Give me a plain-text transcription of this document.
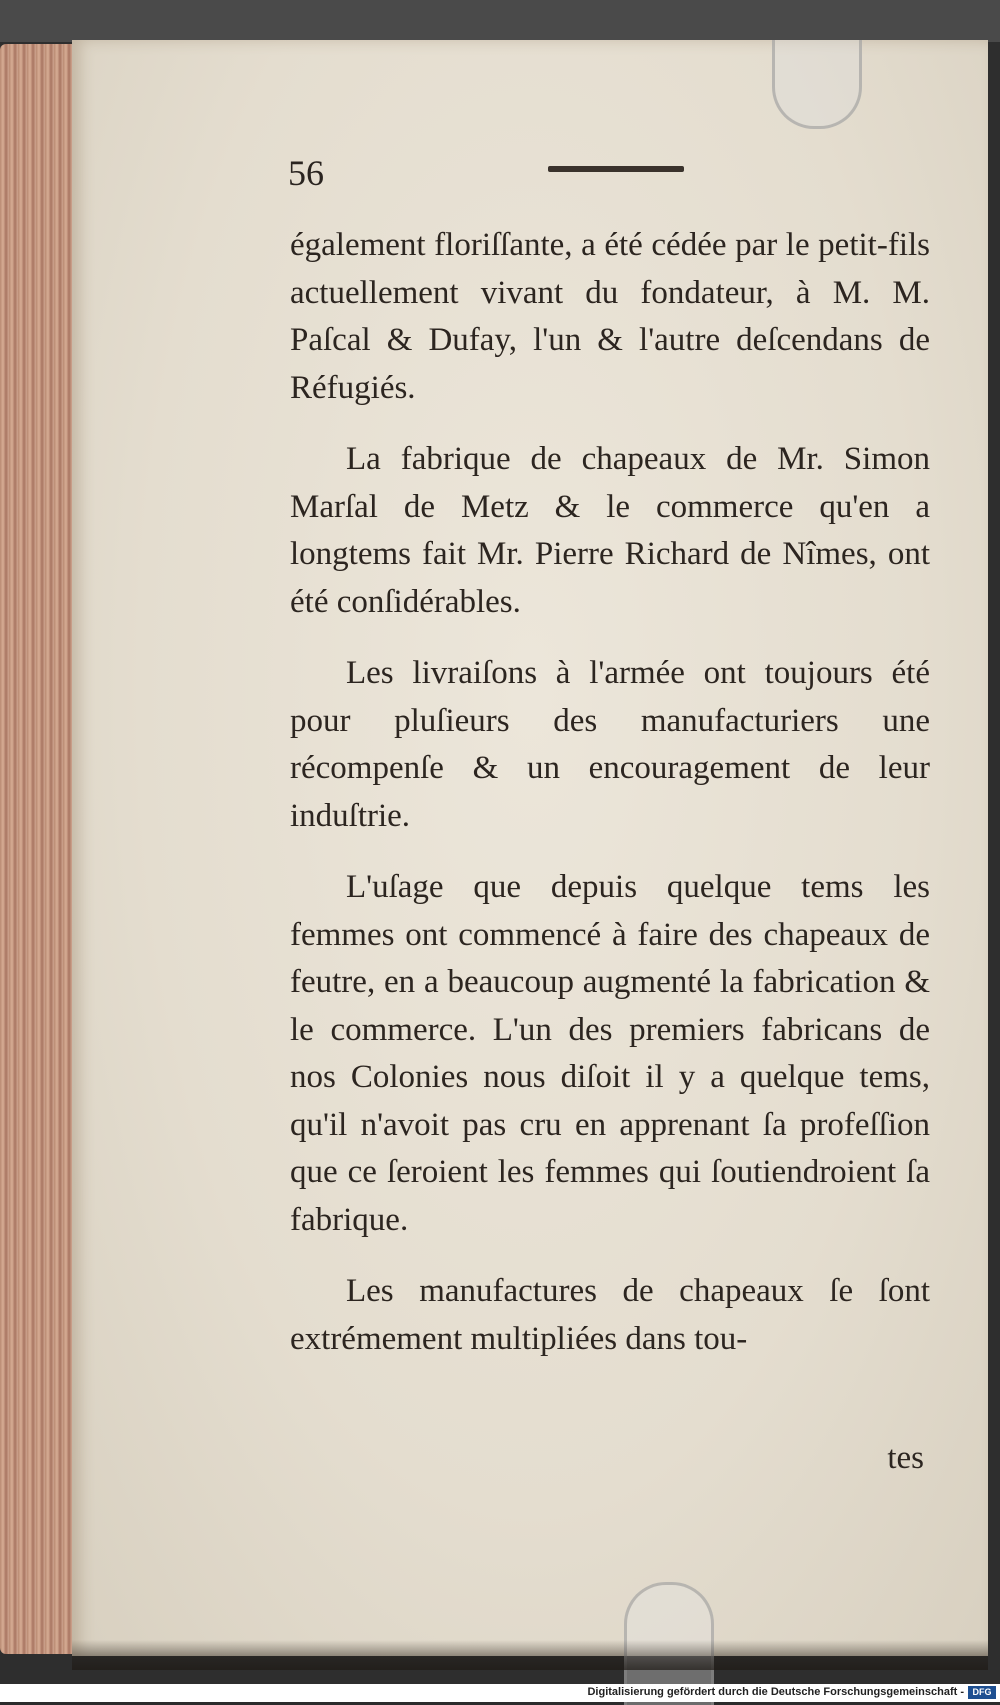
56

également floriſſante, a été cédée par le petit-fils actuellement vivant du fondateur, à M. M. Paſcal & Dufay, l'un & l'autre deſcendans de Réfugiés.

La fabrique de chapeaux de Mr. Simon Marſal de Metz & le commerce qu'en a longtems fait Mr. Pierre Richard de Nîmes, ont été conſidérables.

Les livraiſons à l'armée ont toujours été pour pluſieurs des manufacturiers une récompenſe & un encouragement de leur induſtrie.

L'uſage que depuis quelque tems les femmes ont commencé à faire des chapeaux de feutre, en a beaucoup augmenté la fabrication & le commerce. L'un des premiers fabricans de nos Colonies nous diſoit il y a quelque tems, qu'il n'avoit pas cru en apprenant ſa profeſſion que ce ſeroient les femmes qui ſoutiendroient ſa fabrique.

Les manufactures de chapeaux ſe ſont extrémement multipliées dans tou-

tes
Digitalisierung gefördert durch die Deutsche Forschungsgemeinschaft - DFG
